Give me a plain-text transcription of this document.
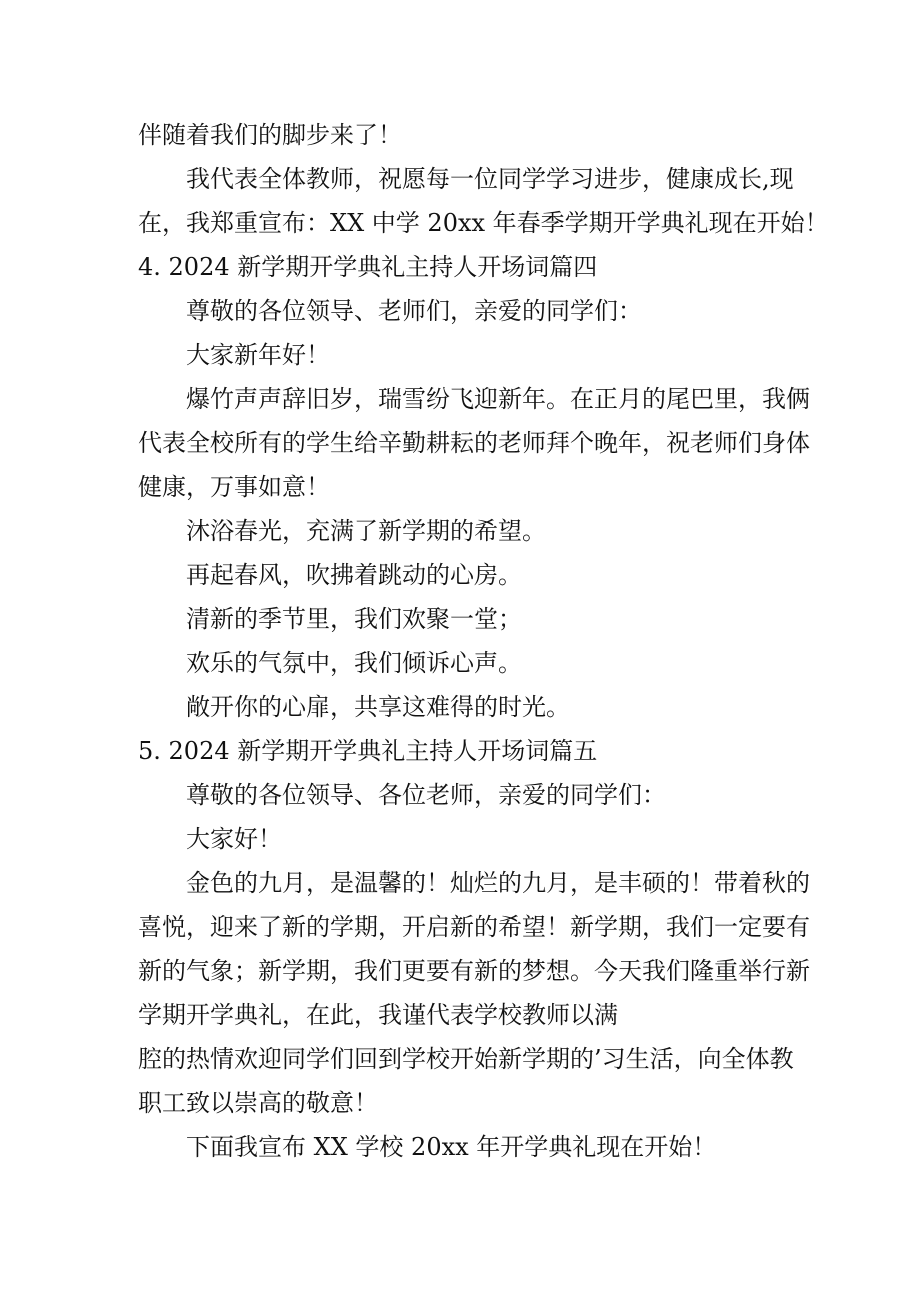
伴随着我们的脚步来了！

我代表全体教师，祝愿每一位同学学习进步，健康成长,现

在，我郑重宣布：XX 中学 20xx 年春季学期开学典礼现在开始！

4. 2024 新学期开学典礼主持人开场词篇四

尊敬的各位领导、老师们，亲爱的同学们：

大家新年好！

爆竹声声辞旧岁，瑞雪纷飞迎新年。在正月的尾巴里，我俩

代表全校所有的学生给辛勤耕耘的老师拜个晚年，祝老师们身体

健康，万事如意！

沐浴春光，充满了新学期的希望。

再起春风，吹拂着跳动的心房。

清新的季节里，我们欢聚一堂；

欢乐的气氛中，我们倾诉心声。

敞开你的心扉，共享这难得的时光。

5. 2024 新学期开学典礼主持人开场词篇五

尊敬的各位领导、各位老师，亲爱的同学们：

大家好！

金色的九月，是温馨的！灿烂的九月，是丰硕的！带着秋的

喜悦，迎来了新的学期，开启新的希望！新学期，我们一定要有

新的气象；新学期，我们更要有新的梦想。今天我们隆重举行新

学期开学典礼，在此，我谨代表学校教师以满

腔的热情欢迎同学们回到学校开始新学期的’习生活，向全体教

职工致以崇高的敬意！

下面我宣布 XX 学校 20xx 年开学典礼现在开始！
